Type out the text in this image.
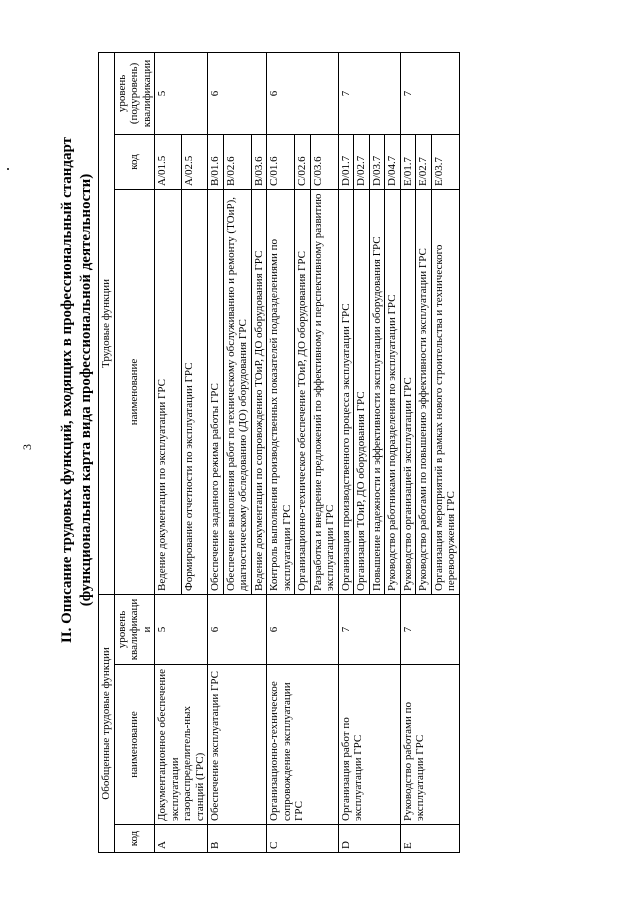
3 II. Описание трудовых функций, входящих в профессиональный стандарт (функциональная карта вида профессиональной деятельности)
Обобщенные трудовые функции			Трудовые функции		
код	наименование	уровень квалификации	наименование	код	уровень (подуровень) квалификации
A	Документационное обеспечение эксплуатации газораспределитель-ных станций (ГРС)	5	Ведение документации по эксплуатации ГРС	A/01.5	5
			Формирование отчетности по эксплуатации ГРС	A/02.5	
B	Обеспечение эксплуатации ГРС	6	Обеспечение заданного режима работы ГРС	B/01.6	6
			Обеспечение выполнения работ по техническому обслуживанию и ремонту (ТОиР), диагностическому обследованию (ДО) оборудования ГРС	B/02.6	
			Ведение документации по сопровождению ТОиР, ДО оборудования ГРС	B/03.6	
C	Организационно-техническое сопровождение эксплуатации ГРС	6	Контроль выполнения производственных показателей подразделениями по эксплуатации ГРС	C/01.6	6
			Организационно-техническое обеспечение ТОиР, ДО оборудования ГРС	C/02.6	
			Разработка и внедрение предложений по эффективному и перспективному развитию эксплуатации ГРС	C/03.6	
D	Организация работ по эксплуатации ГРС	7	Организация производственного процесса эксплуатации ГРС	D/01.7	7
			Организация ТОиР, ДО оборудования ГРС	D/02.7	
			Повышение надежности и эффективности эксплуатации оборудования ГРС	D/03.7	
			Руководство работниками подразделения по эксплуатации ГРС	D/04.7	
E	Руководство работами по эксплуатации ГРС	7	Руководство организацией эксплуатации ГРС	E/01.7	7
			Руководство работами по повышению эффективности эксплуатации ГРС	E/02.7	
			Организация мероприятий в рамках нового строительства и технического перевооружения ГРС	E/03.7	
